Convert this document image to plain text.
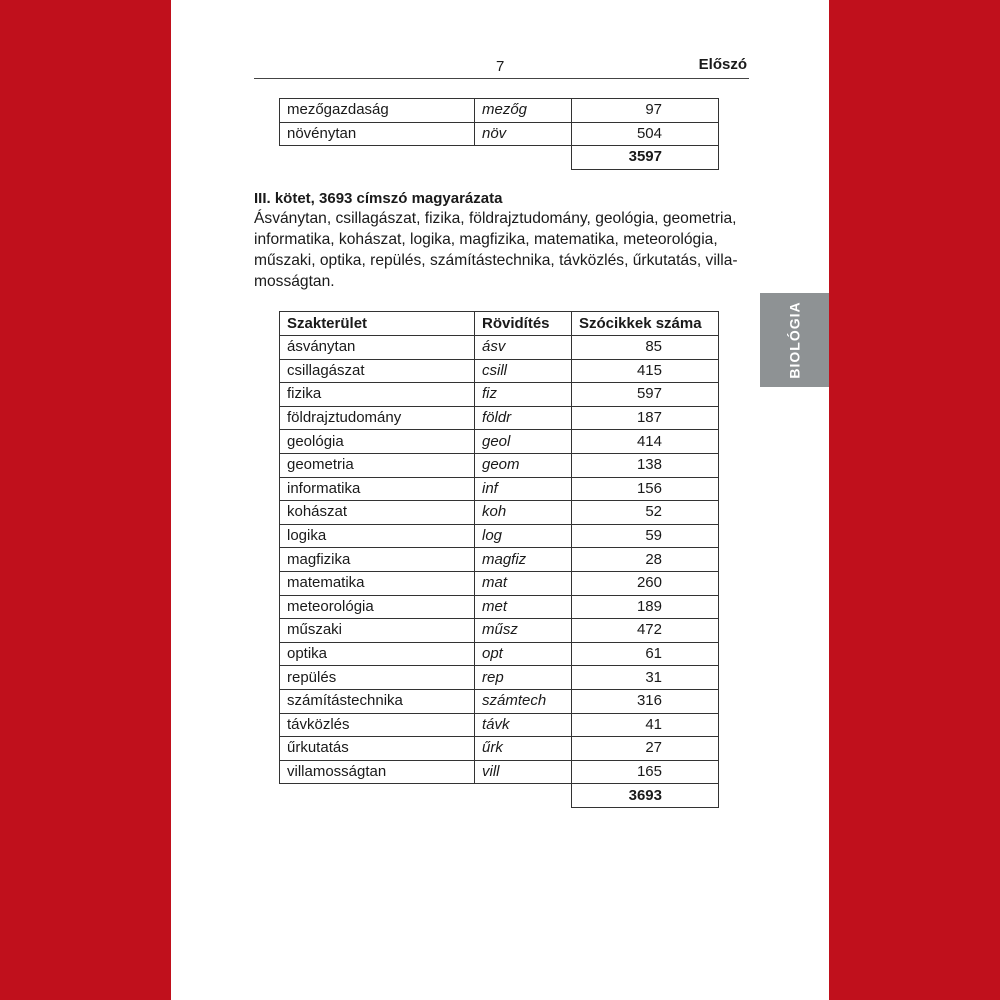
7	Előszó
mezőgazdaság	mezőg	97
növénytan	növ	504
		3597
III. kötet, 3693 címszó magyarázata
Ásványtan, csillagászat, fizika, földrajztudomány, geológia, geometria,
informatika, kohászat, logika, magfizika, matematika, meteorológia,
műszaki, optika, repülés, számítástechnika, távközlés, űrkutatás, villa-
mosságtan.
Szakterület	Rövidítés	Szócikkek száma
ásványtan	ásv	85
csillagászat	csill	415
fizika	fiz	597
földrajztudomány	földr	187
geológia	geol	414
geometria	geom	138
informatika	inf	156
kohászat	koh	52
logika	log	59
magfizika	magfiz	28
matematika	mat	260
meteorológia	met	189
műszaki	műsz	472
optika	opt	61
repülés	rep	31
számítástechnika	számtech	316
távközlés	távk	41
űrkutatás	űrk	27
villamosságtan	vill	165
		3693
BIOLÓGIA
